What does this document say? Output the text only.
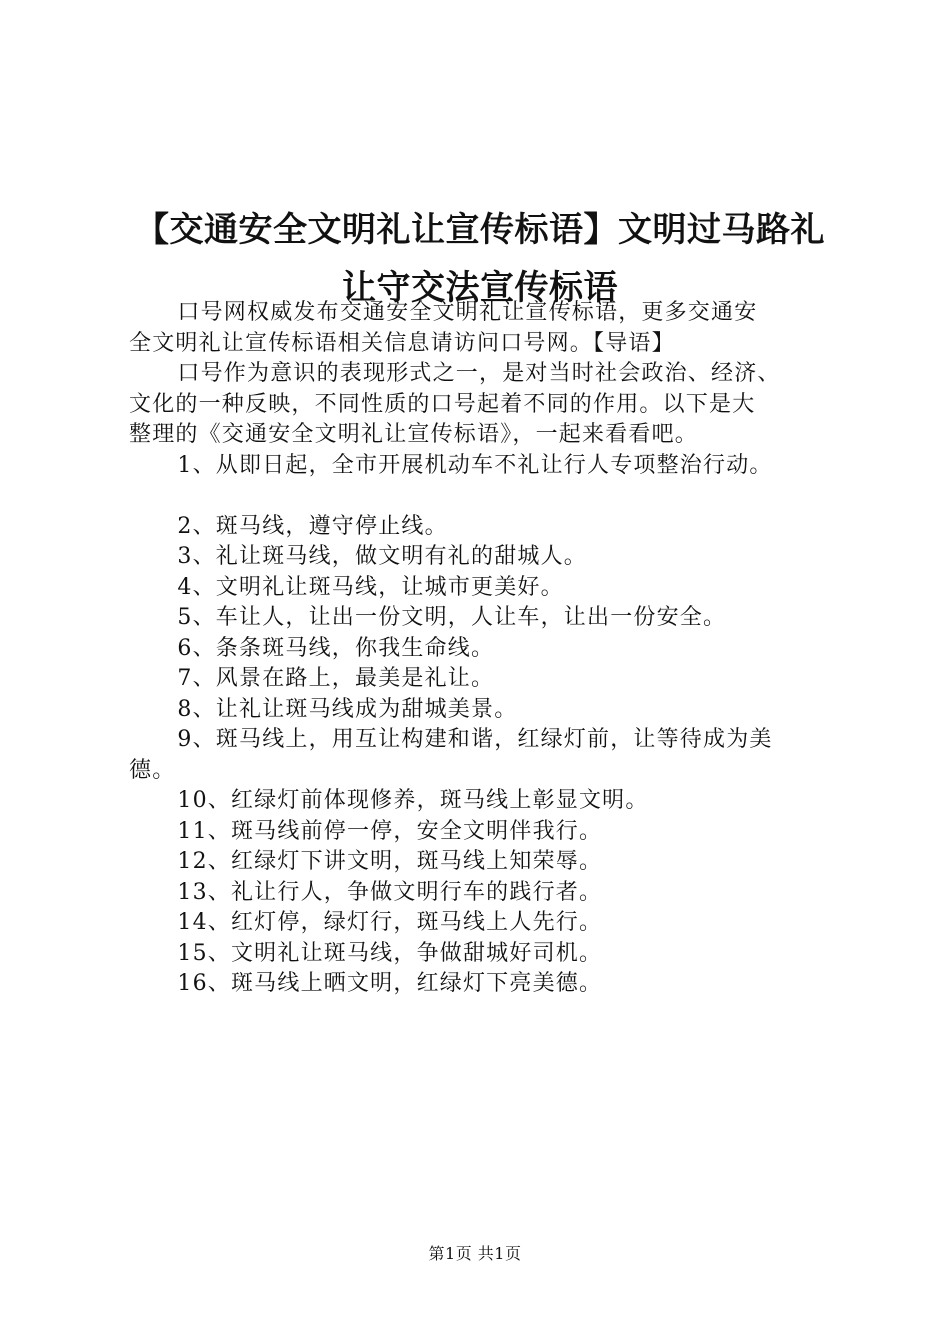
【交通安全文明礼让宣传标语】文明过马路礼
让守交法宣传标语
口号网权威发布交通安全文明礼让宣传标语，更多交通安
全文明礼让宣传标语相关信息请访问口号网。【导语】
口号作为意识的表现形式之一，是对当时社会政治、经济、
文化的一种反映，不同性质的口号起着不同的作用。以下是大
整理的《交通安全文明礼让宣传标语》，一起来看看吧。
1、从即日起，全市开展机动车不礼让行人专项整治行动。
2、斑马线，遵守停止线。
3、礼让斑马线，做文明有礼的甜城人。
4、文明礼让斑马线，让城市更美好。
5、车让人，让出一份文明，人让车，让出一份安全。
6、条条斑马线，你我生命线。
7、风景在路上，最美是礼让。
8、让礼让斑马线成为甜城美景。
9、斑马线上，用互让构建和谐，红绿灯前，让等待成为美
德。
10、红绿灯前体现修养，斑马线上彰显文明。
11、斑马线前停一停，安全文明伴我行。
12、红绿灯下讲文明，斑马线上知荣辱。
13、礼让行人，争做文明行车的践行者。
14、红灯停，绿灯行，斑马线上人先行。
15、文明礼让斑马线，争做甜城好司机。
16、斑马线上晒文明，红绿灯下亮美德。
第1页 共1页
